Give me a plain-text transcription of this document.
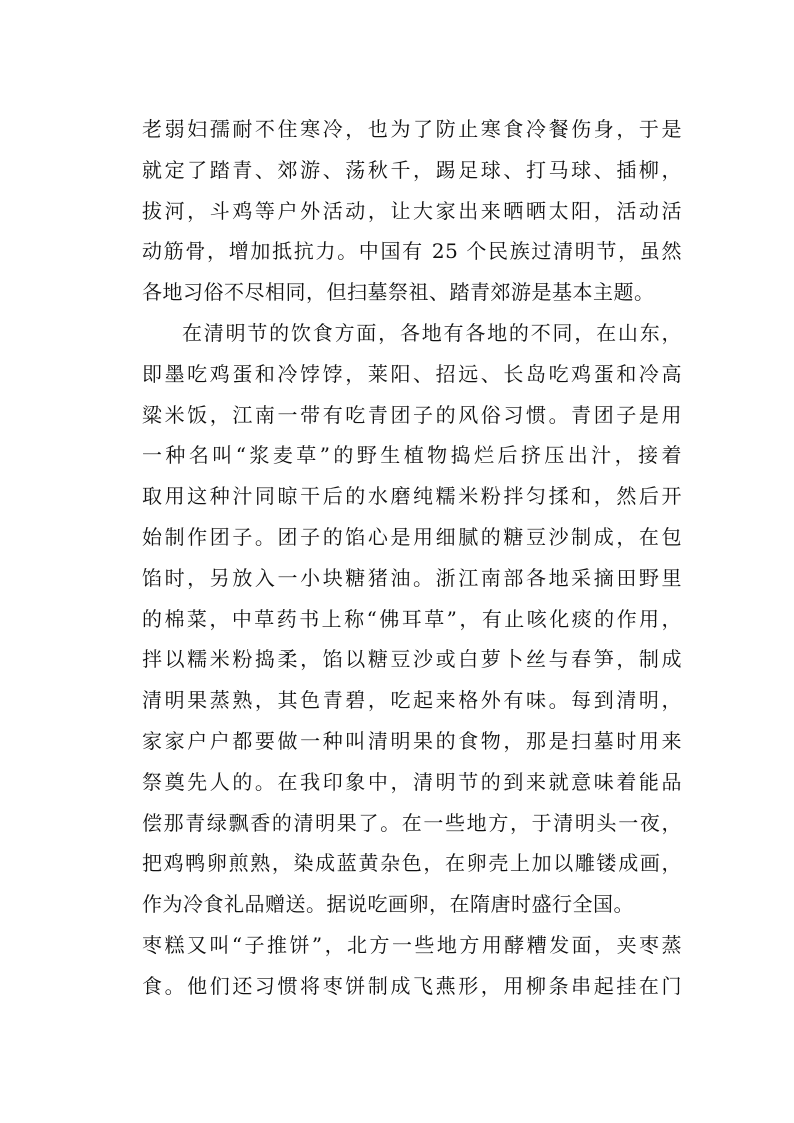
老弱妇孺耐不住寒冷，也为了防止寒食冷餐伤身，于是
就定了踏青、郊游、荡秋千，踢足球、打马球、插柳，
拔河，斗鸡等户外活动，让大家出来晒晒太阳，活动活
动筋骨，增加抵抗力。中国有 25 个民族过清明节，虽然
各地习俗不尽相同，但扫墓祭祖、踏青郊游是基本主题。
在清明节的饮食方面，各地有各地的不同，在山东，
即墨吃鸡蛋和冷饽饽，莱阳、招远、长岛吃鸡蛋和冷高
粱米饭，江南一带有吃青团子的风俗习惯。青团子是用
一种名叫“浆麦草”的野生植物捣烂后挤压出汁，接着
取用这种汁同晾干后的水磨纯糯米粉拌匀揉和，然后开
始制作团子。团子的馅心是用细腻的糖豆沙制成，在包
馅时，另放入一小块糖猪油。浙江南部各地采摘田野里
的棉菜，中草药书上称“佛耳草”，有止咳化痰的作用，
拌以糯米粉捣柔，馅以糖豆沙或白萝卜丝与春笋，制成
清明果蒸熟，其色青碧，吃起来格外有味。每到清明，
家家户户都要做一种叫清明果的食物，那是扫墓时用来
祭奠先人的。在我印象中，清明节的到来就意味着能品
偿那青绿飘香的清明果了。在一些地方，于清明头一夜，
把鸡鸭卵煎熟，染成蓝黄杂色，在卵壳上加以雕镂成画，
作为冷食礼品赠送。据说吃画卵，在隋唐时盛行全国。
枣糕又叫“子推饼”，北方一些地方用酵糟发面，夹枣蒸
食。他们还习惯将枣饼制成飞燕形，用柳条串起挂在门
